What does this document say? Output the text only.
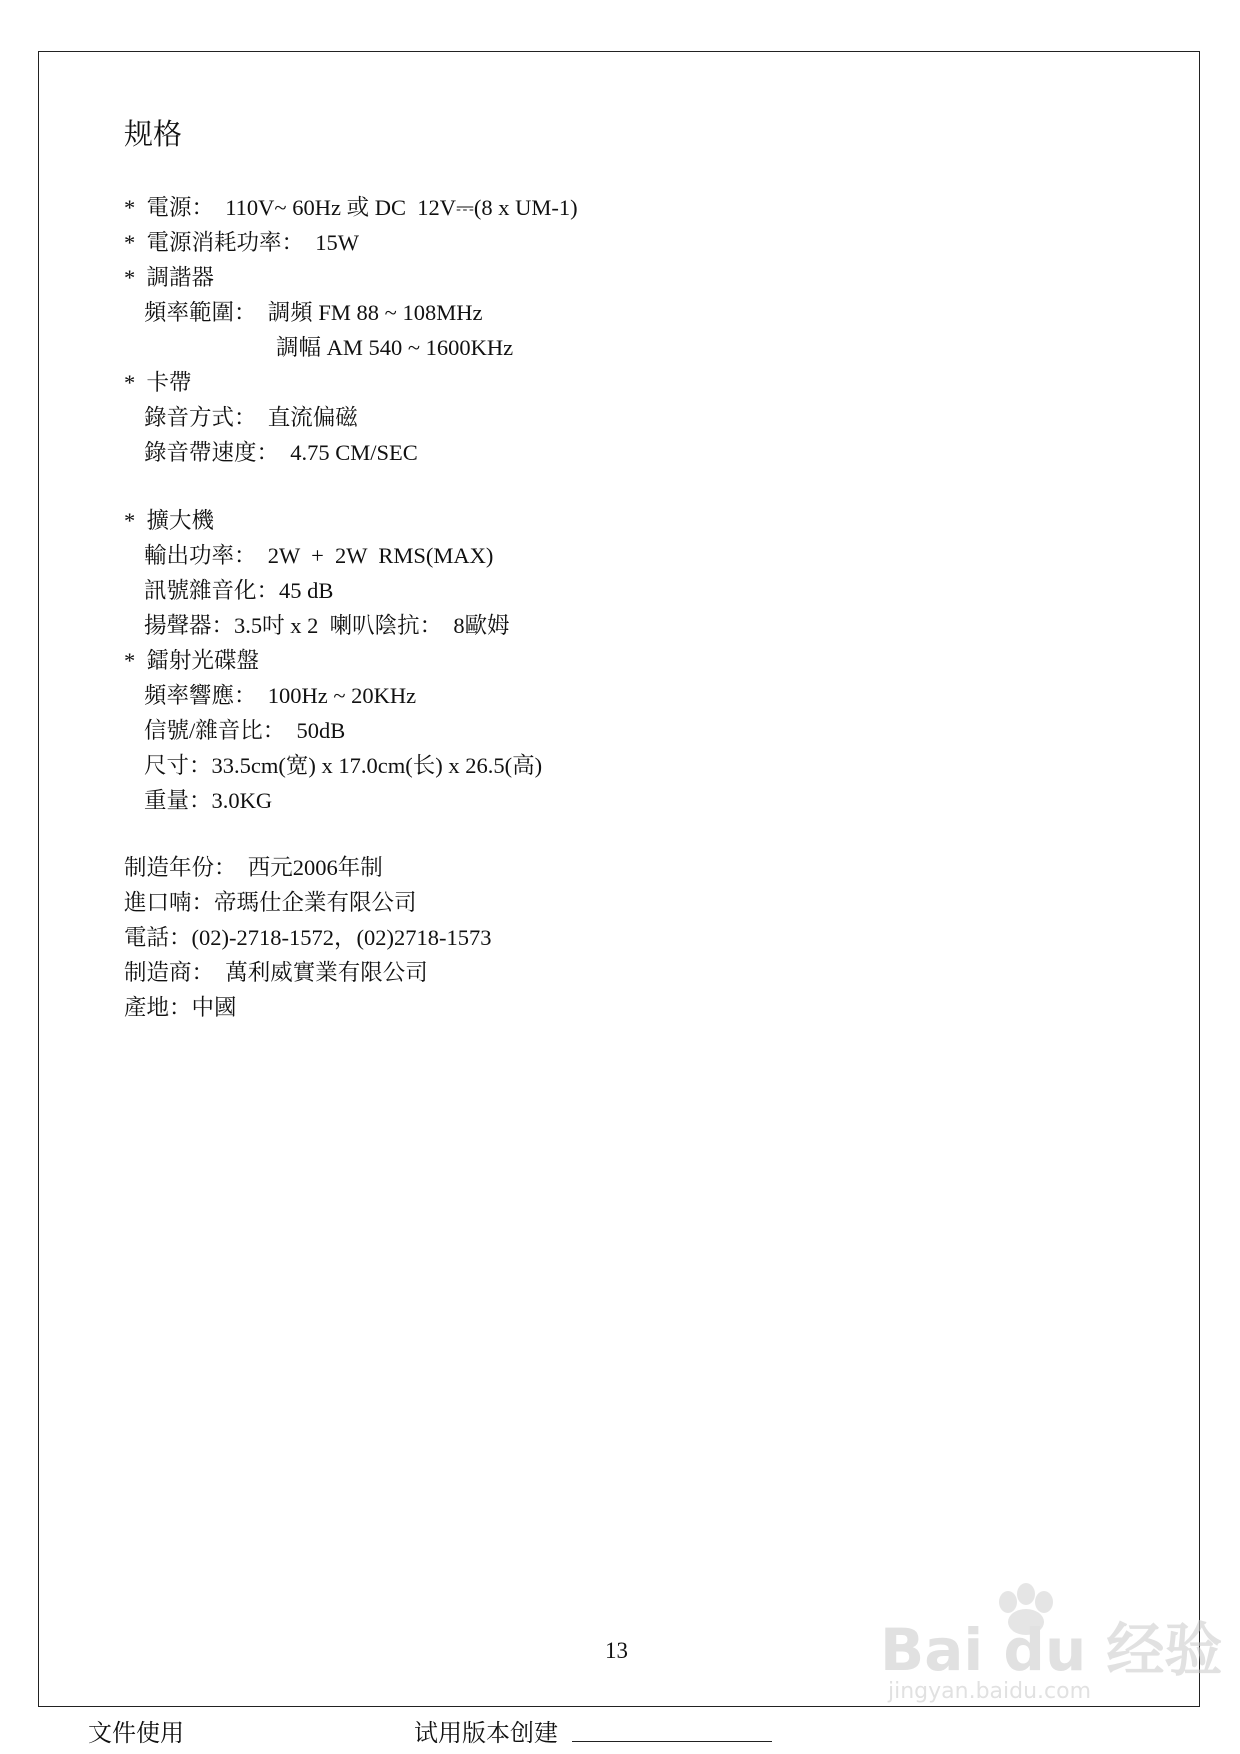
规格
*  電源：  110V~ 60Hz 或 DC  12V⎓(8 x UM-1)
*  電源消耗功率：  15W
*  調諧器
頻率範圍：  調頻 FM 88 ~ 108MHz
調幅 AM 540 ~ 1600KHz
*  卡帶
錄音方式：  直流偏磁
錄音帶速度：  4.75 CM/SEC
*  擴大機
輸出功率：  2W  +  2W  RMS(MAX)
訊號雜音化：45 dB
揚聲器：3.5吋 x 2  喇叭陰抗：  8歐姆
*  鐳射光碟盤
頻率響應：  100Hz ~ 20KHz
信號/雜音比：  50dB
尺寸：33.5cm(宽) x 17.0cm(长) x 26.5(高)
重量：3.0KG
制造年份：  西元2006年制
進口喃：帝瑪仕企業有限公司
電話：(02)-2718-1572，(02)2718-1573
制造商：  萬利威實業有限公司
產地：中國
13	Bai du 经验
jingyan.baidu.com
文件使用	试用版本创建
